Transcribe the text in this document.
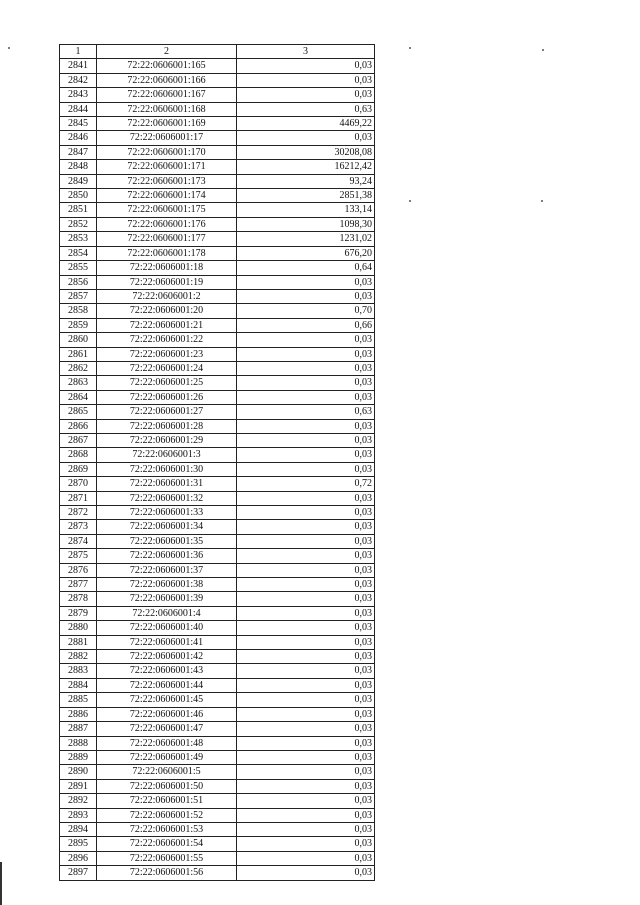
1	2	3
2841	72:22:0606001:165	0,03
2842	72:22:0606001:166	0,03
2843	72:22:0606001:167	0,03
2844	72:22:0606001:168	0,63
2845	72:22:0606001:169	4469,22
2846	72:22:0606001:17	0,03
2847	72:22:0606001:170	30208,08
2848	72:22:0606001:171	16212,42
2849	72:22:0606001:173	93,24
2850	72:22:0606001:174	2851,38
2851	72:22:0606001:175	133,14
2852	72:22:0606001:176	1098,30
2853	72:22:0606001:177	1231,02
2854	72:22:0606001:178	676,20
2855	72:22:0606001:18	0,64
2856	72:22:0606001:19	0,03
2857	72:22:0606001:2	0,03
2858	72:22:0606001:20	0,70
2859	72:22:0606001:21	0,66
2860	72:22:0606001:22	0,03
2861	72:22:0606001:23	0,03
2862	72:22:0606001:24	0,03
2863	72:22:0606001:25	0,03
2864	72:22:0606001:26	0,03
2865	72:22:0606001:27	0,63
2866	72:22:0606001:28	0,03
2867	72:22:0606001:29	0,03
2868	72:22:0606001:3	0,03
2869	72:22:0606001:30	0,03
2870	72:22:0606001:31	0,72
2871	72:22:0606001:32	0,03
2872	72:22:0606001:33	0,03
2873	72:22:0606001:34	0,03
2874	72:22:0606001:35	0,03
2875	72:22:0606001:36	0,03
2876	72:22:0606001:37	0,03
2877	72:22:0606001:38	0,03
2878	72:22:0606001:39	0,03
2879	72:22:0606001:4	0,03
2880	72:22:0606001:40	0,03
2881	72:22:0606001:41	0,03
2882	72:22:0606001:42	0,03
2883	72:22:0606001:43	0,03
2884	72:22:0606001:44	0,03
2885	72:22:0606001:45	0,03
2886	72:22:0606001:46	0,03
2887	72:22:0606001:47	0,03
2888	72:22:0606001:48	0,03
2889	72:22:0606001:49	0,03
2890	72:22:0606001:5	0,03
2891	72:22:0606001:50	0,03
2892	72:22:0606001:51	0,03
2893	72:22:0606001:52	0,03
2894	72:22:0606001:53	0,03
2895	72:22:0606001:54	0,03
2896	72:22:0606001:55	0,03
2897	72:22:0606001:56	0,03
